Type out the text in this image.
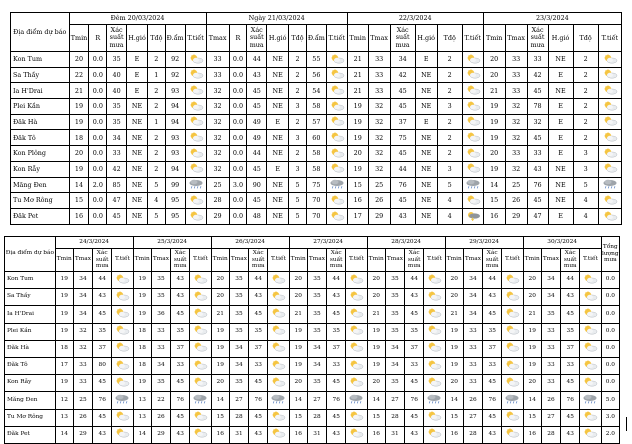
Địa điểm dự báo	Đêm 20/03/2024							Ngày 21/03/2024							22/3/2024						23/3/2024					
	Tmin	R	Xác suất mưa	H.gió	Tđộ	Đ.ẩm	T.tiết	Tmax	R	Xác suất mưa	H.gió	Tđộ	Đ.ẩm	T.tiết	Tmin	Tmax	Xác suất mưa	H.gió	Tđộ	T.tiết	Tmin	Tmax	Xác suất mưa	H.gió	Tđộ	T.tiết
Kon Tum	20	0.0	35	E	2	92		33	0.0	44	NE	2	55		21	33	34	E	2		20	33	33	NE	2	
Sa Thầy	22	0.0	40	E	1	92		33	0.0	43	NE	2	56		21	33	42	NE	2		20	33	42	E	2	
Ia H'Drai	21	0.0	40	E	2	93		32	0.0	45	NE	2	54		21	33	45	NE	2		21	33	45	NE	2	
Plei Kần	19	0.0	35	NE	2	94		32	0.0	45	NE	3	58		19	32	45	NE	3		19	32	78	E	2	
Đăk Hà	19	0.0	35	NE	1	94		32	0.0	49	E	2	57		19	32	37	E	2		19	32	32	E	2	
Đăk Tô	18	0.0	34	NE	2	93		32	0.0	49	NE	3	60		19	32	75	NE	2		19	32	45	E	2	
Kon Plông	20	0.0	33	NE	2	93		32	0.0	44	NE	2	58		20	32	45	NE	2		20	33	33	E	3	
Kon Rẫy	19	0.0	42	NE	2	94		32	0.0	45	E	3	58		19	32	44	NE	3		19	32	43	NE	3	
Măng Đen	14	2.0	85	NE	5	99		25	3.0	90	NE	5	75		15	25	76	NE	5		14	25	76	NE	5	
Tu Mơ Rông	15	0.0	47	NE	4	95		28	0.0	45	NE	5	70		16	26	45	NE	4		15	26	45	NE	4	
Đăk Pet	16	0.0	45	NE	5	95		29	0.0	48	NE	5	70		17	29	43	NE	4		16	29	47	E	4	
Địa điểm dự báo	24/3/2024				25/3/2024				26/3/2024				27/3/2024				28/3/2024				29/3/2024				30/3/2024				Tổng lượng mưa
	Tmin	Tmax	Xác suất mưa	T.tiết	Tmin	Tmax	Xác suất mưa	T.tiết	Tmin	Tmax	Xác suất mưa	T.tiết	Tmin	Tmax	Xác suất mưa	T.tiết	Tmin	Tmax	Xác suất mưa	T.tiết	Tmin	Tmax	Xác suất mưa	T.tiết	Tmin	Tmax	Xác suất mưa	T.tiết	
Kon Tum	19	34	44		19	35	43		20	35	44		20	35	44		20	35	44		20	34	44		20	34	44		0.0
Sa Thầy	19	34	43		19	35	43		20	35	43		20	35	43		20	35	43		20	34	43		20	34	43		0.0
Ia H'Drai	19	34	45		19	36	45		21	35	45		21	35	45		21	35	45		21	34	45		21	35	45		0.0
Plei Kần	19	32	35		18	33	35		19	35	35		19	35	35		19	35	35		19	33	35		19	33	35		0.0
Đăk Hà	18	32	37		18	33	37		19	34	37		19	34	37		19	34	37		19	33	37		19	33	37		0.0
Đăk Tô	17	33	80		18	34	33		19	34	33		19	34	33		19	34	33		19	33	33		19	33	33		0.0
Kon Rẫy	19	33	45		19	35	45		20	35	45		20	35	45		20	35	45		20	33	45		20	33	45		0.0
Măng Đen	12	25	76		13	22	76		14	27	76		14	27	76		14	27	76		14	26	76		14	26	76		5.0
Tu Mơ Rông	13	26	45		13	26	45		15	28	45		15	28	45		15	28	45		15	27	45		15	27	45		3.0
Đăk Pet	14	29	43		14	29	43		16	31	43		16	31	43		16	31	43		16	28	43		16	28	43		2.0
